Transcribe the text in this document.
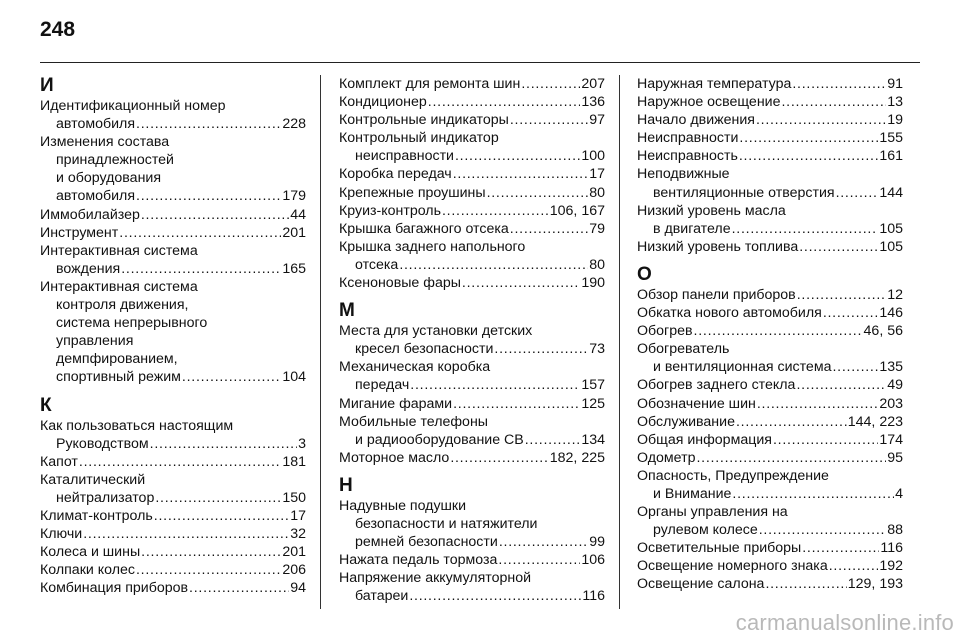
248
И
Идентификационный номер
автомобиля . . .	228
Изменения состава
принадлежностей
и оборудования
автомобиля . . .	179
Иммобилайзер . . .	44
Инструмент . . .	201
Интерактивная система
вождения . . .	165
Интерактивная система
контроля движения,
система непрерывного
управления
демпфированием,
спортивный режим . . .	104
К
Как пользоваться настоящим
Руководством . . .	3
Капот . . .	181
Каталитический
нейтрализатор . . .	150
Климат-контроль . . .	17
Ключи . . .	32
Колеса и шины . . .	201
Колпаки колес . . .	206
Комбинация приборов . . .	94
Комплект для ремонта шин . . .	207
Кондиционер . . .	136
Контрольные индикаторы . . .	97
Контрольный индикатор
неисправности . . .	100
Коробка передач . . .	17
Крепежные проушины . . .	80
Круиз-контроль . . .	106, 167
Крышка багажного отсека . . .	79
Крышка заднего напольного
отсека . . .	80
Ксеноновые фары . . .	190
М
Места для установки детских
кресел безопасности . . .	73
Механическая коробка
передач . . .	157
Мигание фарами . . .	125
Мобильные телефоны
и радиооборудование СВ . . .	134
Моторное масло . . .	182, 225
Н
Надувные подушки
безопасности и натяжители
ремней безопасности . . .	99
Нажата педаль тормоза . . .	106
Напряжение аккумуляторной
батареи . . .	116
Наружная температура . . .	91
Наружное освещение . . .	13
Начало движения . . .	19
Неисправности . . .	155
Неисправность . . .	161
Неподвижные
вентиляционные отверстия . . .	144
Низкий уровень масла
в двигателе . . .	105
Низкий уровень топлива . . .	105
О
Обзор панели приборов . . .	12
Обкатка нового автомобиля . . .	146
Обогрев . . .	46, 56
Обогреватель
и вентиляционная система . . .	135
Обогрев заднего стекла . . .	49
Обозначение шин . . .	203
Обслуживание . . .	144, 223
Общая информация . . .	174
Одометр . . .	95
Опасность, Предупреждение
и Внимание . . .	4
Органы управления на
рулевом колесе . . .	88
Осветительные приборы . . .	116
Освещение номерного знака . . .	192
Освещение салона . . .	129, 193
carmanualsonline.info
